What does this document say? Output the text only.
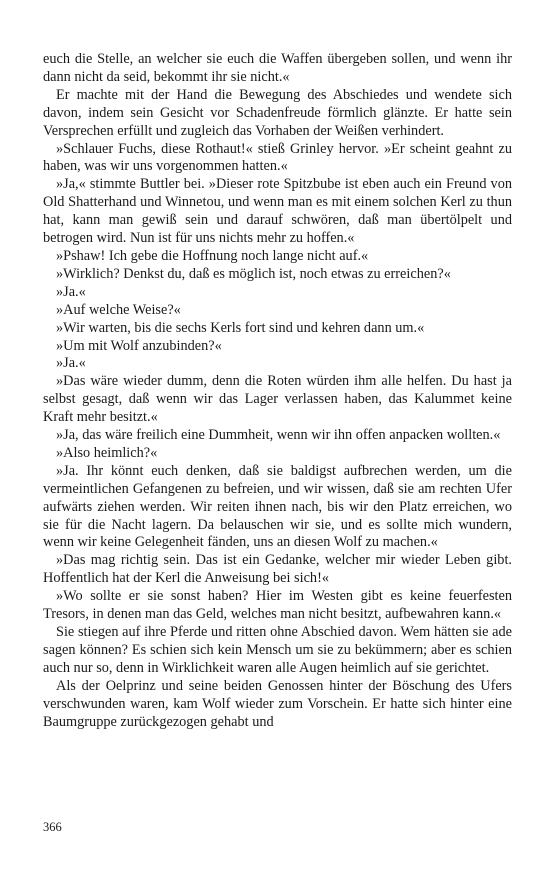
euch die Stelle, an welcher sie euch die Waffen übergeben sollen, und wenn ihr dann nicht da seid, bekommt ihr sie nicht.«

Er machte mit der Hand die Bewegung des Abschiedes und wendete sich davon, indem sein Gesicht vor Schadenfreude förmlich glänzte. Er hatte sein Versprechen erfüllt und zugleich das Vorhaben der Weißen verhindert.

»Schlauer Fuchs, diese Rothaut!« stieß Grinley hervor. »Er scheint geahnt zu haben, was wir uns vorgenommen hatten.«

»Ja,« stimmte Buttler bei. »Dieser rote Spitzbube ist eben auch ein Freund von Old Shatterhand und Winnetou, und wenn man es mit einem solchen Kerl zu thun hat, kann man gewiß sein und darauf schwören, daß man übertölpelt und betrogen wird. Nun ist für uns nichts mehr zu hoffen.«

»Pshaw! Ich gebe die Hoffnung noch lange nicht auf.«

»Wirklich? Denkst du, daß es möglich ist, noch etwas zu erreichen?«

»Ja.«

»Auf welche Weise?«

»Wir warten, bis die sechs Kerls fort sind und kehren dann um.«

»Um mit Wolf anzubinden?«

»Ja.«

»Das wäre wieder dumm, denn die Roten würden ihm alle helfen. Du hast ja selbst gesagt, daß wenn wir das Lager verlassen haben, das Kalummet keine Kraft mehr besitzt.«

»Ja, das wäre freilich eine Dummheit, wenn wir ihn offen anpacken wollten.«

»Also heimlich?«

»Ja. Ihr könnt euch denken, daß sie baldigst aufbrechen werden, um die vermeintlichen Gefangenen zu befreien, und wir wissen, daß sie am rechten Ufer aufwärts ziehen werden. Wir reiten ihnen nach, bis wir den Platz erreichen, wo sie für die Nacht lagern. Da belauschen wir sie, und es sollte mich wundern, wenn wir keine Gelegenheit fänden, uns an diesen Wolf zu machen.«

»Das mag richtig sein. Das ist ein Gedanke, welcher mir wieder Leben gibt. Hoffentlich hat der Kerl die Anweisung bei sich!«

»Wo sollte er sie sonst haben? Hier im Westen gibt es keine feuerfesten Tresors, in denen man das Geld, welches man nicht besitzt, aufbewahren kann.«

Sie stiegen auf ihre Pferde und ritten ohne Abschied davon. Wem hätten sie ade sagen können? Es schien sich kein Mensch um sie zu bekümmern; aber es schien auch nur so, denn in Wirklichkeit waren alle Augen heimlich auf sie gerichtet.

Als der Oelprinz und seine beiden Genossen hinter der Böschung des Ufers verschwunden waren, kam Wolf wieder zum Vorschein. Er hatte sich hinter eine Baumgruppe zurückgezogen gehabt und

366
